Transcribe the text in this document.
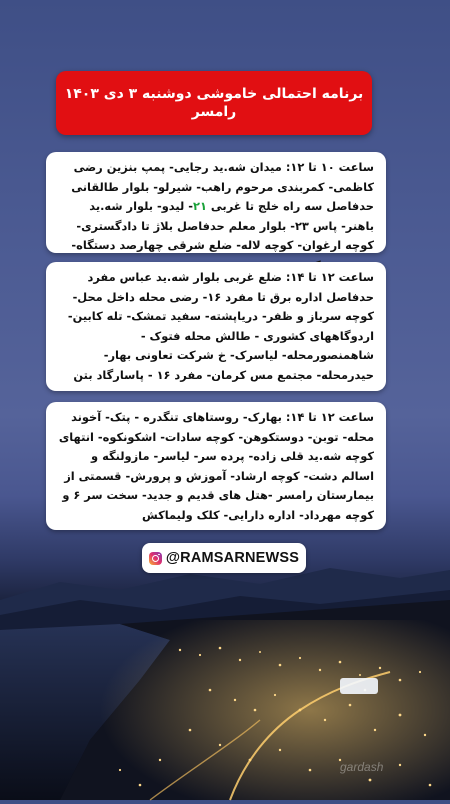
برنامه احتمالی خاموشی دوشنبه ۳ دی ۱۴۰۳ رامسر
ساعت ۱۰ تا ۱۲: میدان شه.ید رجایی- پمپ بنزین رضی کاظمی- کمربندی مرحوم راهب- شیرلو- بلوار طالقانی حدفاصل سه راه خلج تا غربی ۲۱- لیدو- بلوار شه.ید باهنر- پاس ۲۳- بلوار معلم حدفاصل بلاژ تا دادگستری- کوچه ارغوان- کوچه لاله- ضلع شرقی چهارصد دستگاه-
ساعت ۱۲ تا ۱۴: ضلع غربی بلوار شه.ید عباس مفرد حدفاصل اداره برق تا مفرد ۱۶- رضی محله داخل محل- کوچه سرباز و ظفر- دریاپشته- سفید تمشک- تله کابین- اردوگاههای کشوری - طالش محله فتوک - شاهمنصورمحله- لیاسرک- خ شرکت تعاونی بهار- حیدرمحله- مجتمع مس کرمان- مفرد ۱۶ - پاسارگاد بتن
ساعت ۱۲ تا ۱۴: بهارک- روستاهای تنگدره - پتک- آخوند محله- توبن- دوستکوهن- کوچه سادات- اشکونکوه- انتهای کوچه شه.ید قلی زاده- پرده سر- لیاسر- مازولنگه و اسالم دشت- کوچه ارشاد- آموزش و پرورش- قسمتی از بیمارستان رامسر -هتل های قدیم و جدید- سخت سر ۶ و کوچه مهرداد- اداره دارایی- کلک ولیماکش
@RAMSARNEWSS
gardash
